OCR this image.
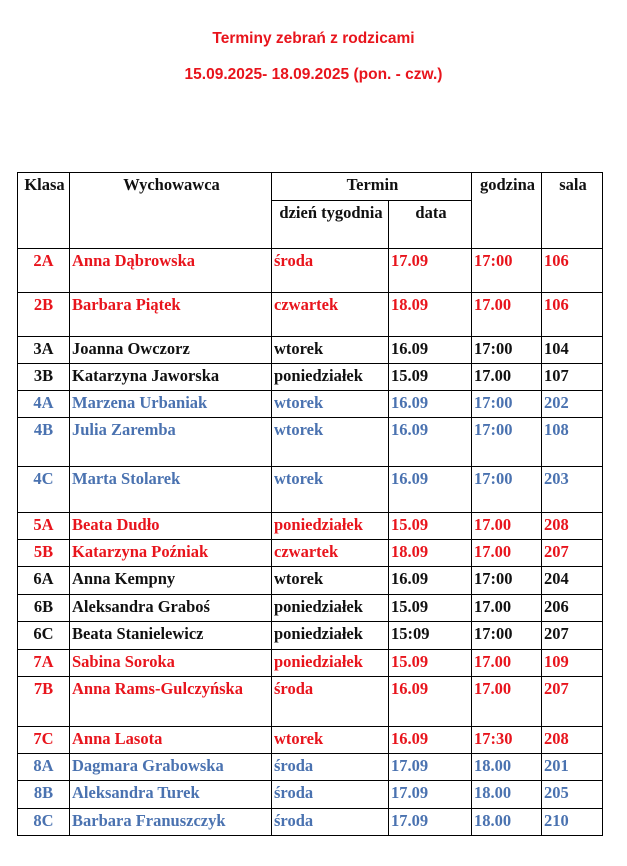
Terminy zebrań z rodzicami
15.09.2025- 18.09.2025 (pon. - czw.)
Klasa	Wychowawca	Termin		godzina	sala
		dzień tygodnia	data		
2A	Anna Dąbrowska	środa	17.09	17:00	106
2B	Barbara Piątek	czwartek	18.09	17.00	106
3A	Joanna Owczorz	wtorek	16.09	17:00	104
3B	Katarzyna Jaworska	poniedziałek	15.09	17.00	107
4A	Marzena Urbaniak	wtorek	16.09	17:00	202
4B	Julia Zaremba	wtorek	16.09	17:00	108
4C	Marta Stolarek	wtorek	16.09	17:00	203
5A	Beata Dudło	poniedziałek	15.09	17.00	208
5B	Katarzyna Poźniak	czwartek	18.09	17.00	207
6A	Anna Kempny	wtorek	16.09	17:00	204
6B	Aleksandra Graboś	poniedziałek	15.09	17.00	206
6C	Beata Stanielewicz	poniedziałek	15:09	17:00	207
7A	Sabina Soroka	poniedziałek	15.09	17.00	109
7B	Anna Rams-Gulczyńska	środa	16.09	17.00	207
7C	Anna Lasota	wtorek	16.09	17:30	208
8A	Dagmara Grabowska	środa	17.09	18.00	201
8B	Aleksandra Turek	środa	17.09	18.00	205
8C	Barbara Franuszczyk	środa	17.09	18.00	210
